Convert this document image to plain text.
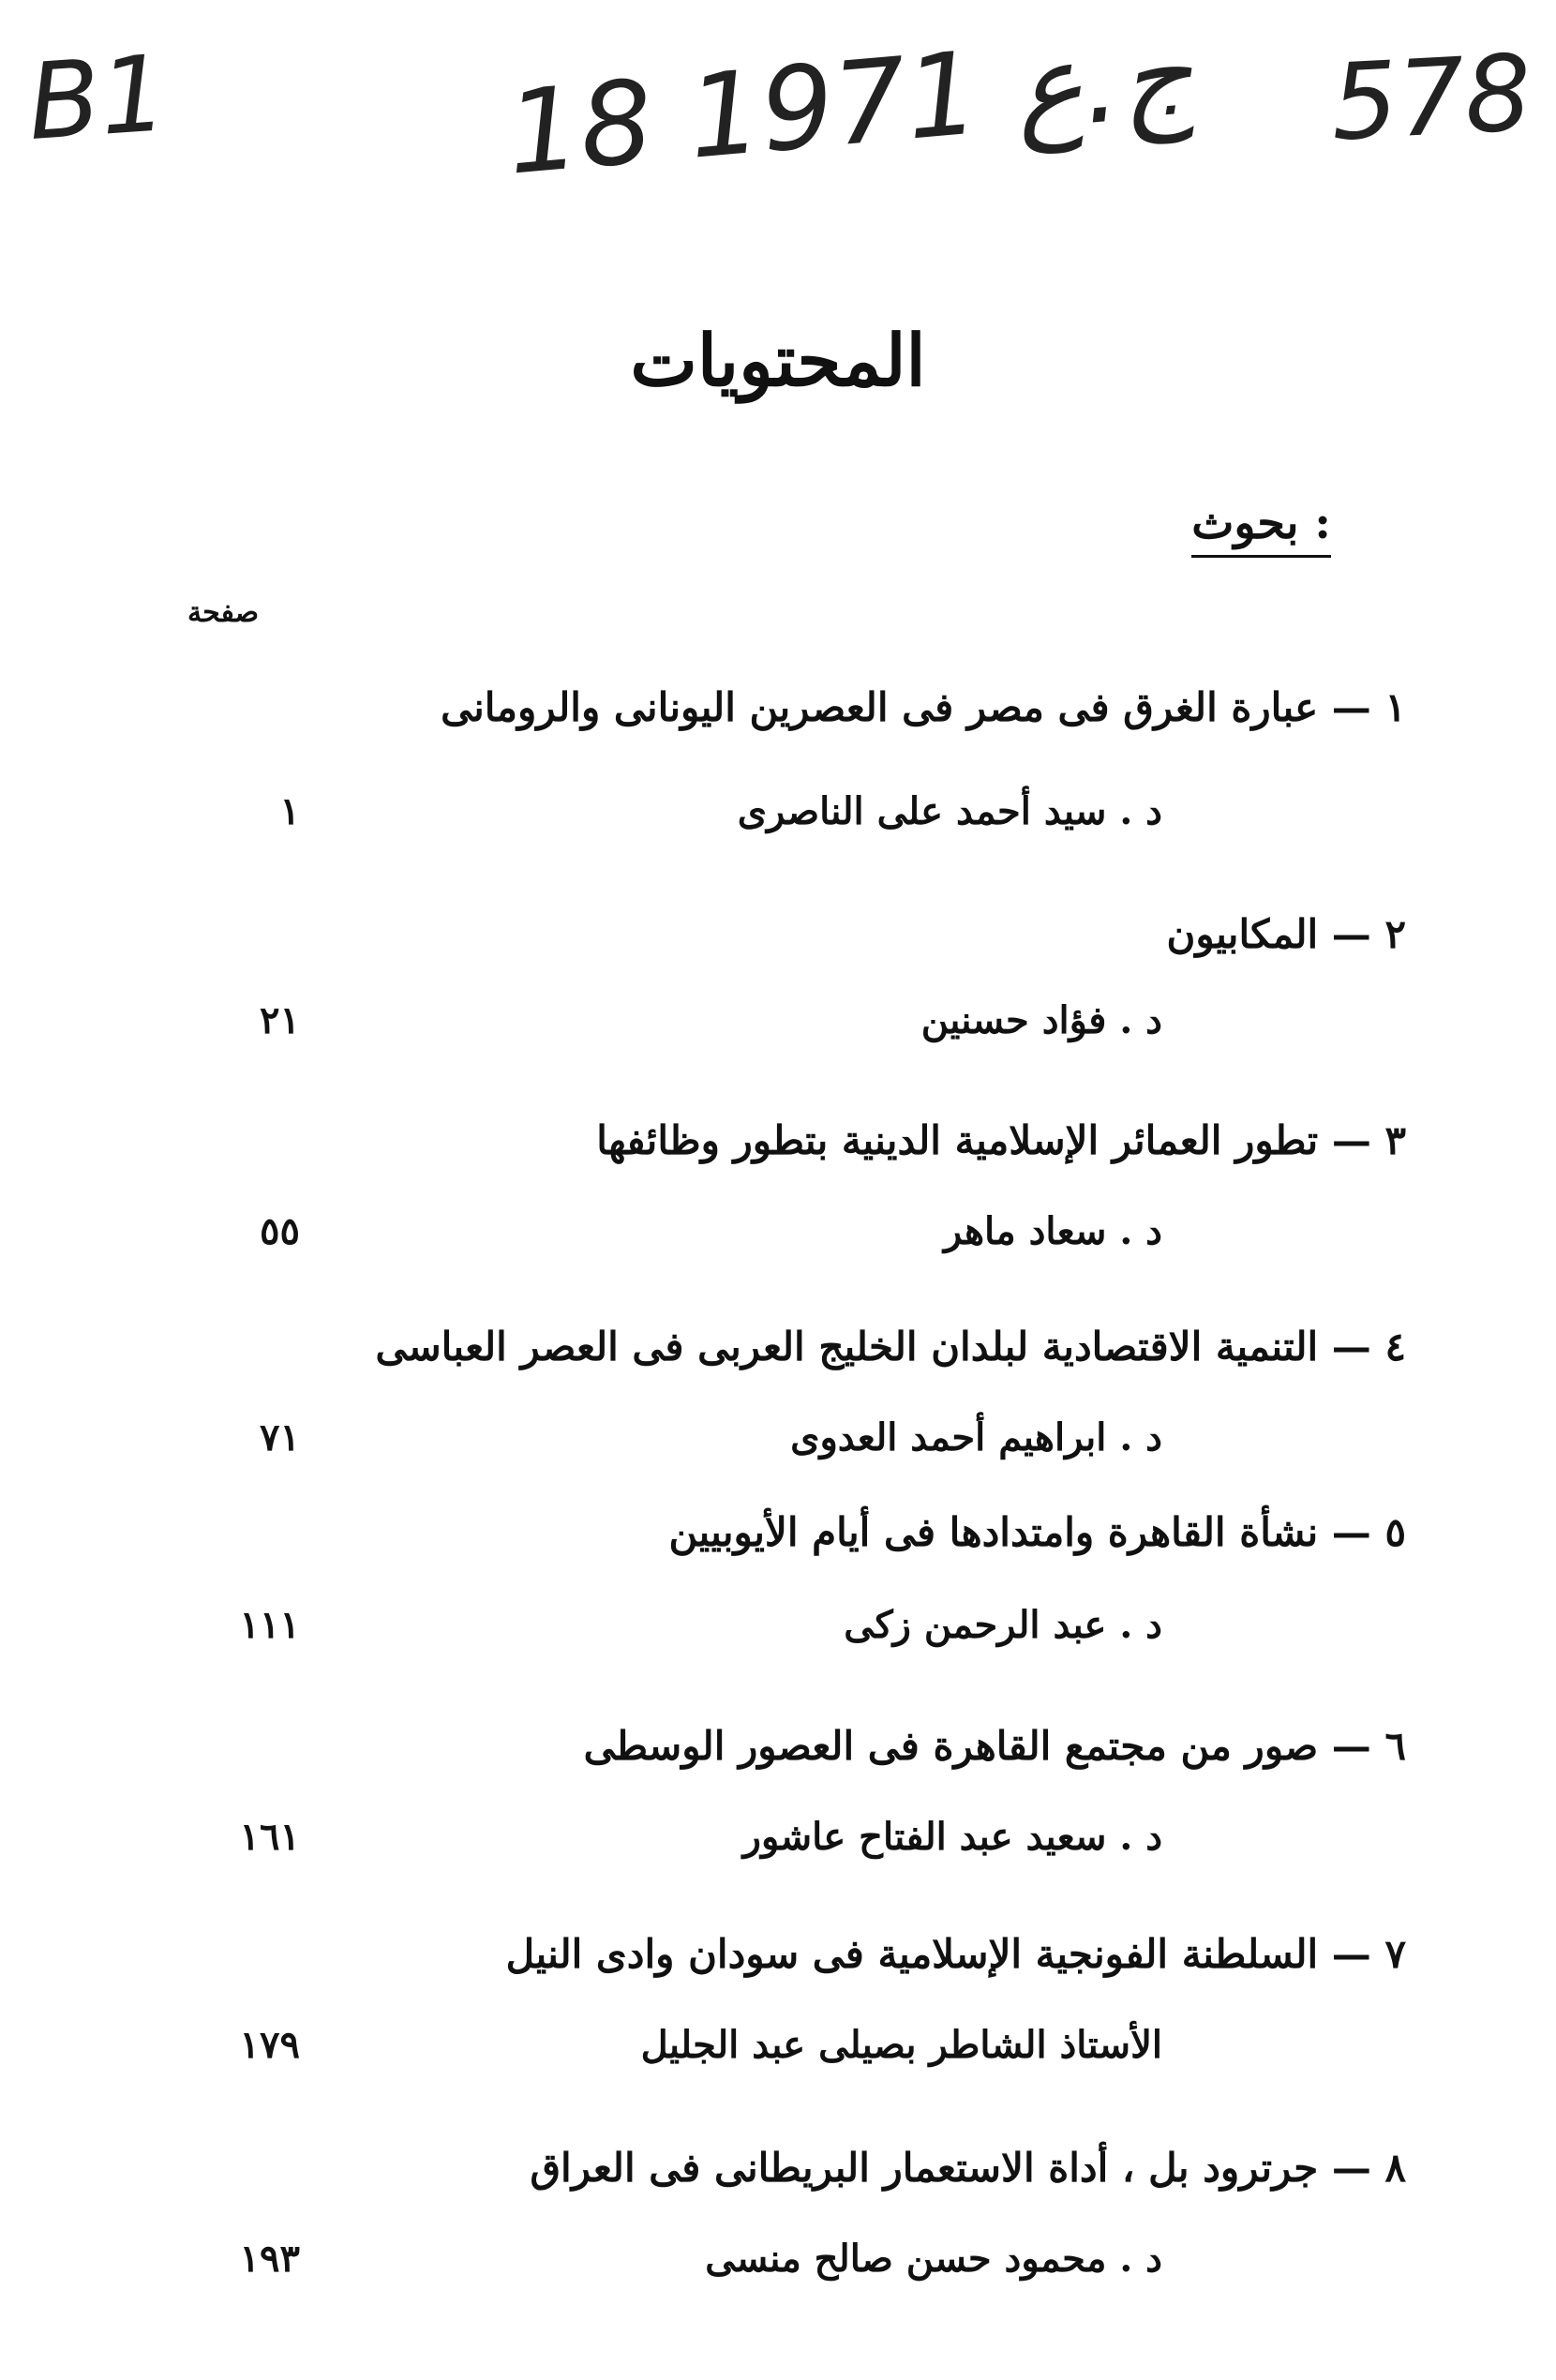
B1	18 ج.ع 1971 578
المحتويات
بحوث :
صفحة
١ — عبارة الغرق فى مصر فى العصرين اليونانى والرومانى
د . سيد أحمد على الناصرى
١
٢ — المكابيون
د . فؤاد حسنين
٢١
٣ — تطور العمائر الإسلامية الدينية بتطور وظائفها
د . سعاد ماهر
٥٥
٤ — التنمية الاقتصادية لبلدان الخليج العربى فى العصر العباسى
د . ابراهيم أحمد العدوى
٧١
٥ — نشأة القاهرة وامتدادها فى أيام الأيوبيين
د . عبد الرحمن زكى
١١١
٦ — صور من مجتمع القاهرة فى العصور الوسطى
د . سعيد عبد الفتاح عاشور
١٦١
٧ — السلطنة الفونجية الإسلامية فى سودان وادى النيل
الأستاذ الشاطر بصيلى عبد الجليل
١٧٩
٨ — جرترود بل ، أداة الاستعمار البريطانى فى العراق
د . محمود حسن صالح منسى
١٩٣
